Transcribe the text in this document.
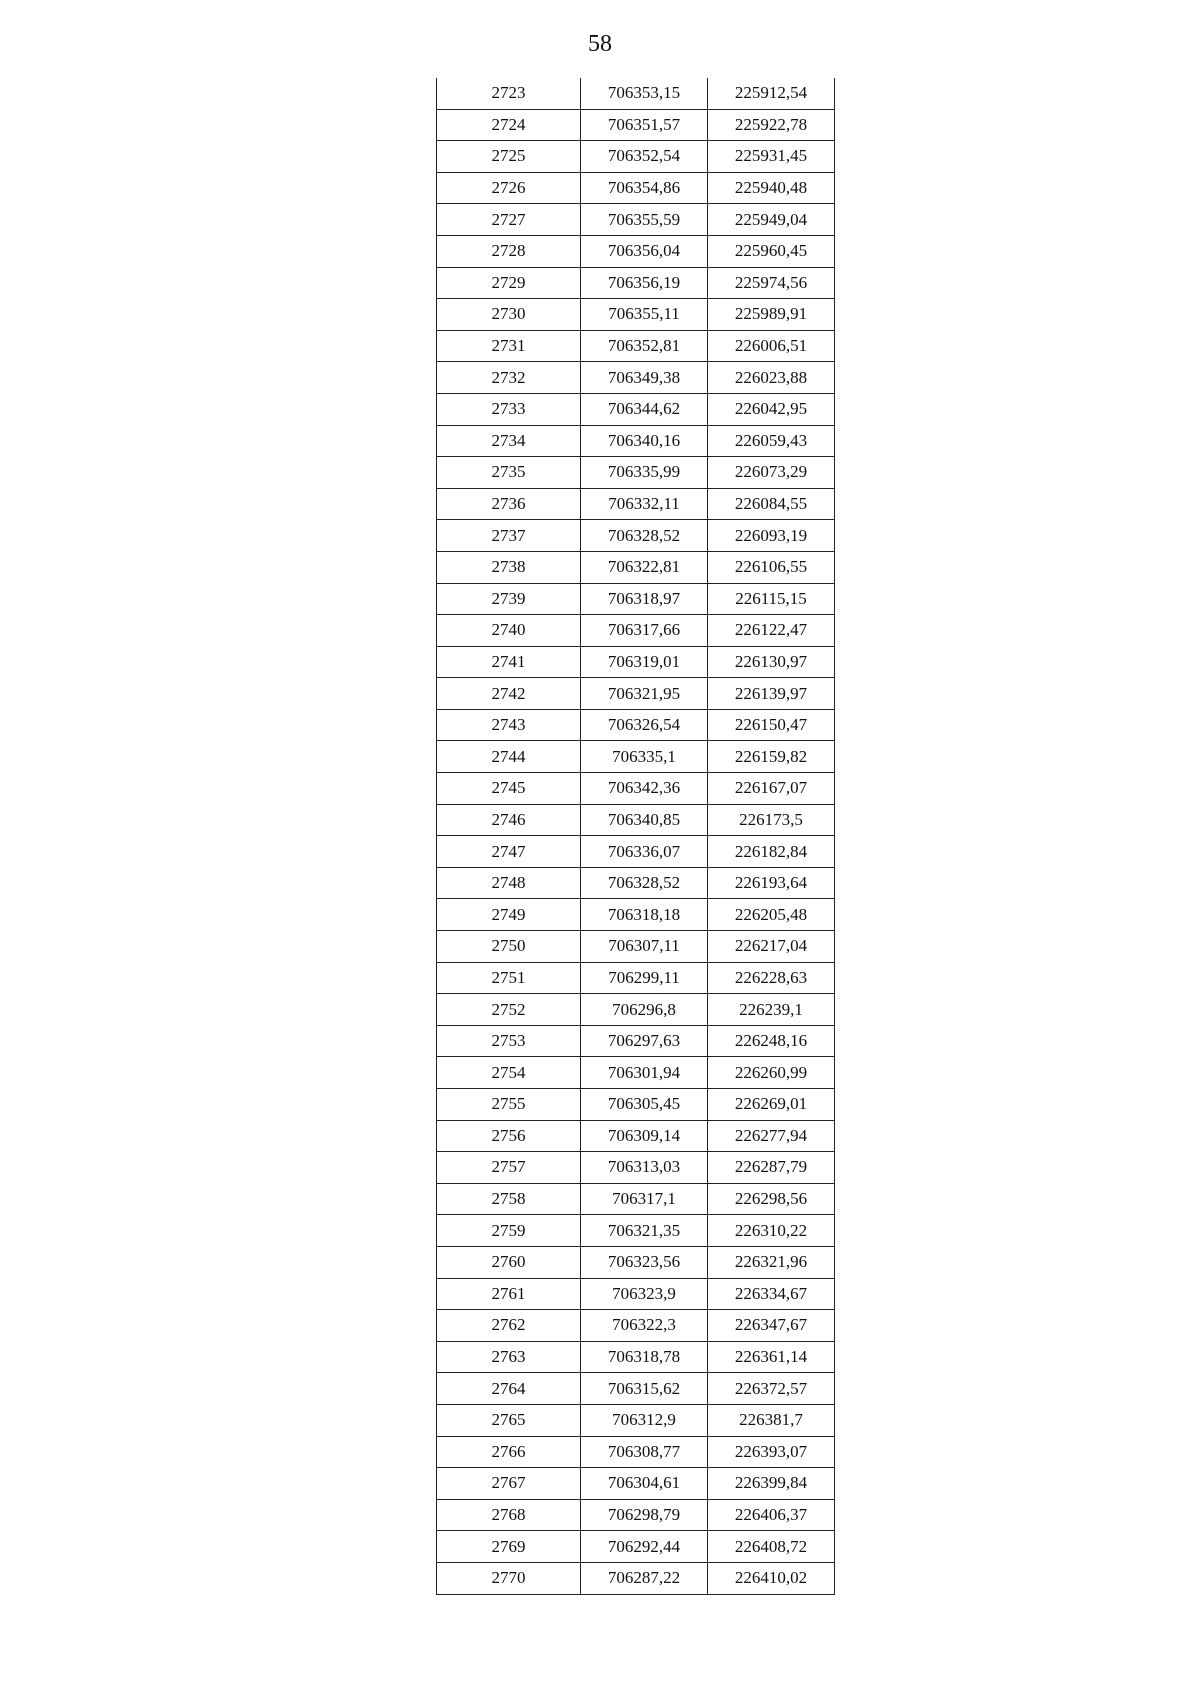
58
2723	706353,15	225912,54
2724	706351,57	225922,78
2725	706352,54	225931,45
2726	706354,86	225940,48
2727	706355,59	225949,04
2728	706356,04	225960,45
2729	706356,19	225974,56
2730	706355,11	225989,91
2731	706352,81	226006,51
2732	706349,38	226023,88
2733	706344,62	226042,95
2734	706340,16	226059,43
2735	706335,99	226073,29
2736	706332,11	226084,55
2737	706328,52	226093,19
2738	706322,81	226106,55
2739	706318,97	226115,15
2740	706317,66	226122,47
2741	706319,01	226130,97
2742	706321,95	226139,97
2743	706326,54	226150,47
2744	706335,1	226159,82
2745	706342,36	226167,07
2746	706340,85	226173,5
2747	706336,07	226182,84
2748	706328,52	226193,64
2749	706318,18	226205,48
2750	706307,11	226217,04
2751	706299,11	226228,63
2752	706296,8	226239,1
2753	706297,63	226248,16
2754	706301,94	226260,99
2755	706305,45	226269,01
2756	706309,14	226277,94
2757	706313,03	226287,79
2758	706317,1	226298,56
2759	706321,35	226310,22
2760	706323,56	226321,96
2761	706323,9	226334,67
2762	706322,3	226347,67
2763	706318,78	226361,14
2764	706315,62	226372,57
2765	706312,9	226381,7
2766	706308,77	226393,07
2767	706304,61	226399,84
2768	706298,79	226406,37
2769	706292,44	226408,72
2770	706287,22	226410,02
